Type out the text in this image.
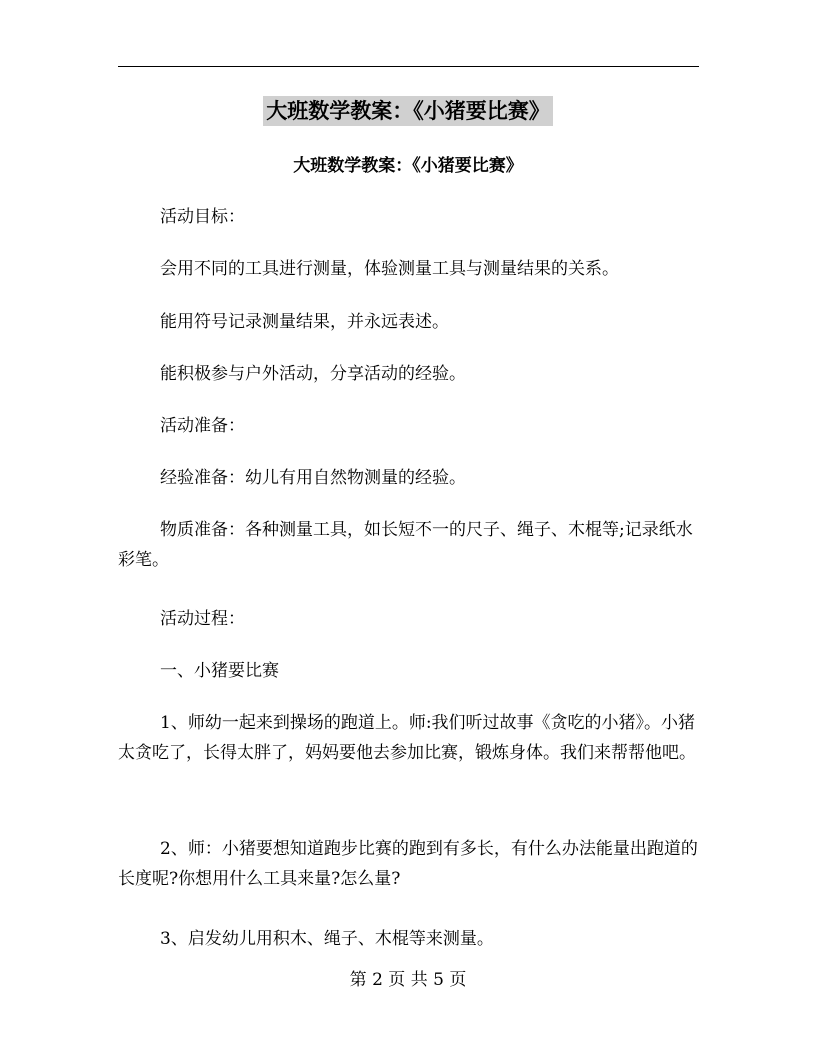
大班数学教案：《小猪要比赛》
大班数学教案：《小猪要比赛》
活动目标：
会用不同的工具进行测量，体验测量工具与测量结果的关系。
能用符号记录测量结果，并永远表述。
能积极参与户外活动，分享活动的经验。
活动准备：
经验准备：幼儿有用自然物测量的经验。
物质准备：各种测量工具，如长短不一的尺子、绳子、木棍等;记录纸水彩笔。
活动过程：
一、小猪要比赛
1、师幼一起来到操场的跑道上。师:我们听过故事《贪吃的小猪》。小猪太贪吃了，长得太胖了，妈妈要他去参加比赛，锻炼身体。我们来帮帮他吧。
2、师：小猪要想知道跑步比赛的跑到有多长，有什么办法能量出跑道的长度呢?你想用什么工具来量?怎么量?
3、启发幼儿用积木、绳子、木棍等来测量。
第 2 页 共 5 页
